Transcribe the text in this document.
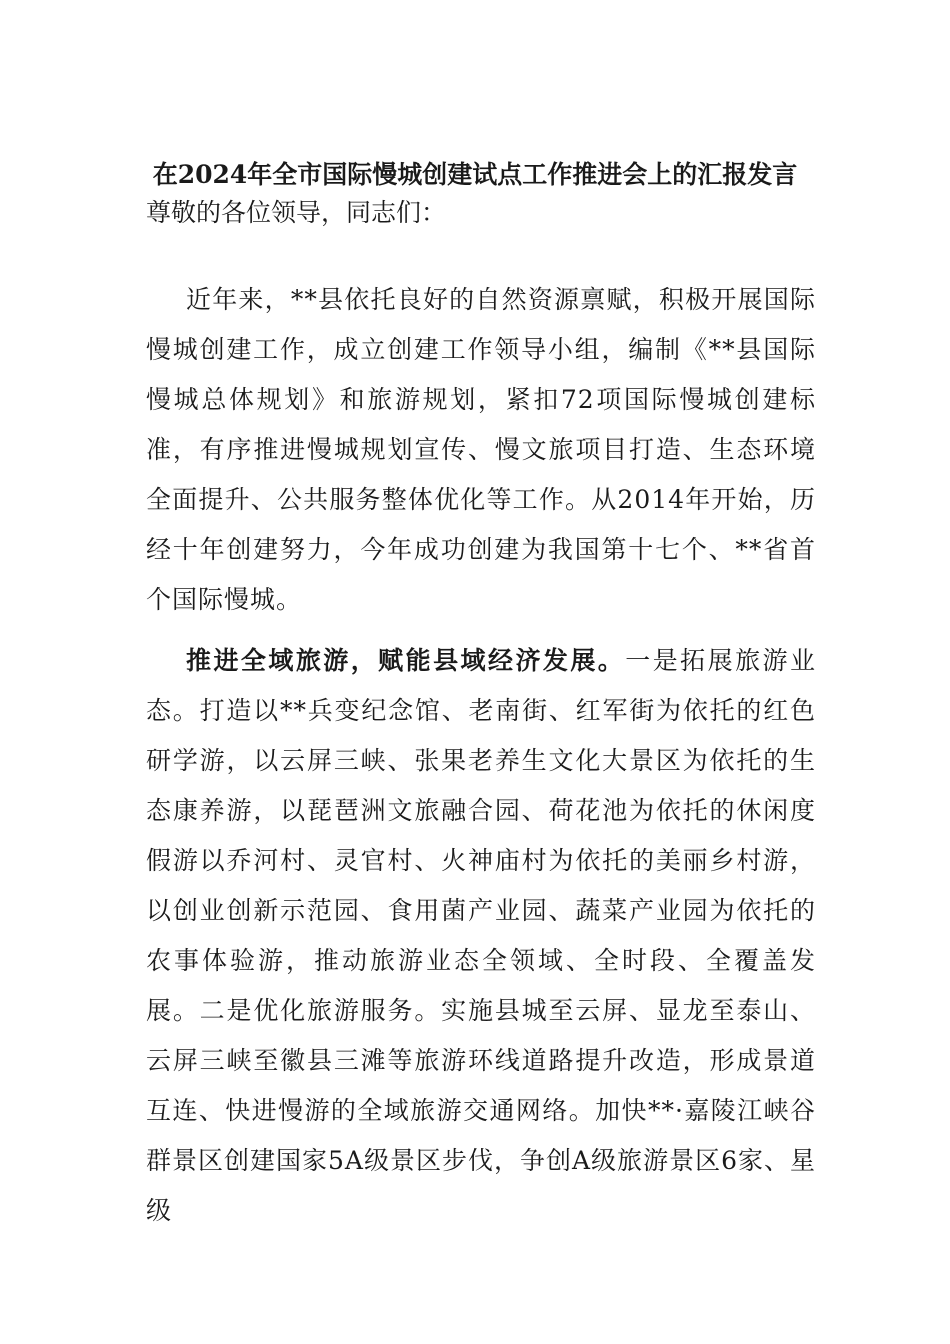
在2024年全市国际慢城创建试点工作推进会上的汇报发言

尊敬的各位领导，同志们：

近年来，**县依托良好的自然资源禀赋，积极开展国际慢城创建工作，成立创建工作领导小组，编制《**县国际慢城总体规划》和旅游规划，紧扣72项国际慢城创建标准，有序推进慢城规划宣传、慢文旅项目打造、生态环境全面提升、公共服务整体优化等工作。从2014年开始，历经十年创建努力，今年成功创建为我国第十七个、**省首个国际慢城。

推进全域旅游，赋能县域经济发展。一是拓展旅游业态。打造以**兵变纪念馆、老南街、红军街为依托的红色研学游，以云屏三峡、张果老养生文化大景区为依托的生态康养游，以琵琶洲文旅融合园、荷花池为依托的休闲度假游以乔河村、灵官村、火神庙村为依托的美丽乡村游，以创业创新示范园、食用菌产业园、蔬菜产业园为依托的农事体验游，推动旅游业态全领域、全时段、全覆盖发展。二是优化旅游服务。实施县城至云屏、显龙至泰山、云屏三峡至徽县三滩等旅游环线道路提升改造，形成景道互连、快进慢游的全域旅游交通网络。加快**·嘉陵江峡谷群景区创建国家5A级景区步伐，争创A级旅游景区6家、星级
